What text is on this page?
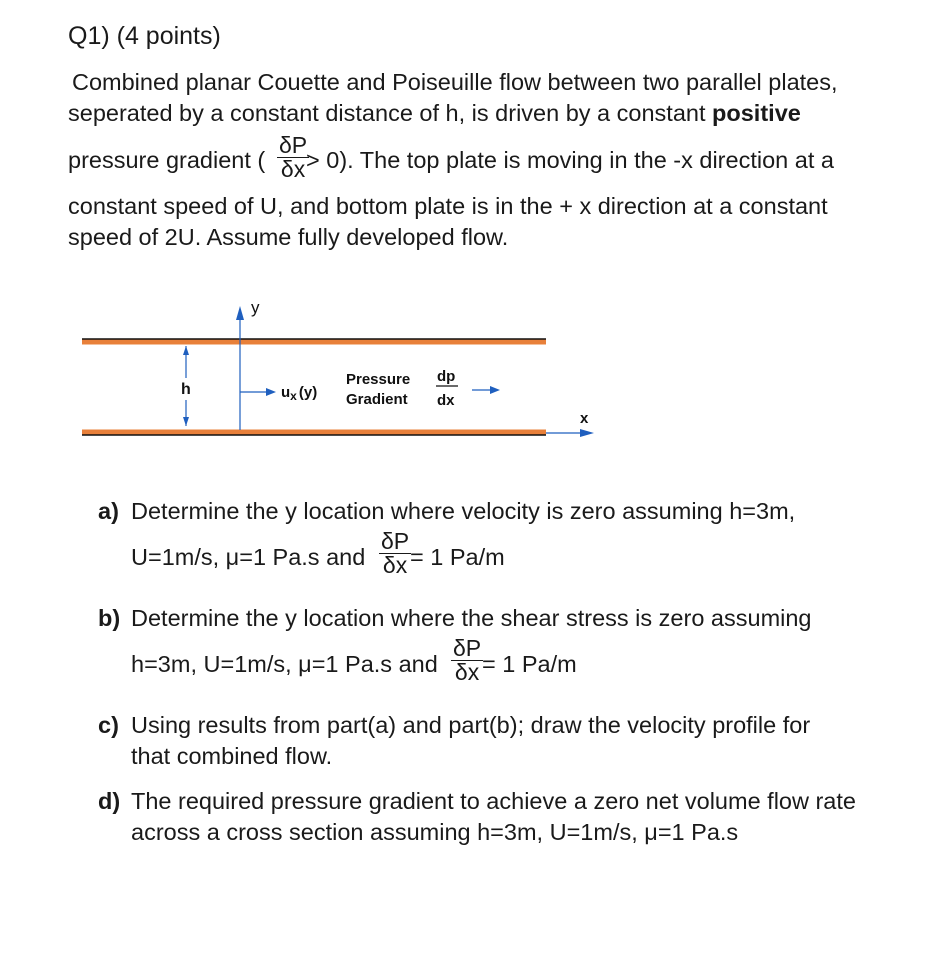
Q1) (4 points)
Combined planar Couette and Poiseuille flow between two parallel plates,
seperated by a constant distance of h, is driven by a constant positive
pressure gradient ( $\frac{\delta P}{\delta x}$
> 0). The top plate is moving in the -x direction at a
constant speed of U, and bottom plate is in the + x direction at a constant
speed of 2U. Assume fully developed flow.
y
h	$u_x$ (y)
Pressure
Gradient
dp
dx
x
a) Determine the y location where velocity is zero assuming h=3m,
U=1m/s, μ=1 Pa.s and $\frac{\delta P}{\delta x}$
= 1 Pa/m
b) Determine the y location where the shear stress is zero assuming
h=3m, U=1m/s, μ=1 Pa.s and $\frac{\delta P}{\delta x}$
= 1 Pa/m
c) Using results from part(a) and part(b); draw the velocity profile for
that combined flow.
d) The required pressure gradient to achieve a zero net volume flow rate
across a cross section assuming h=3m, U=1m/s, μ=1 Pa.s
